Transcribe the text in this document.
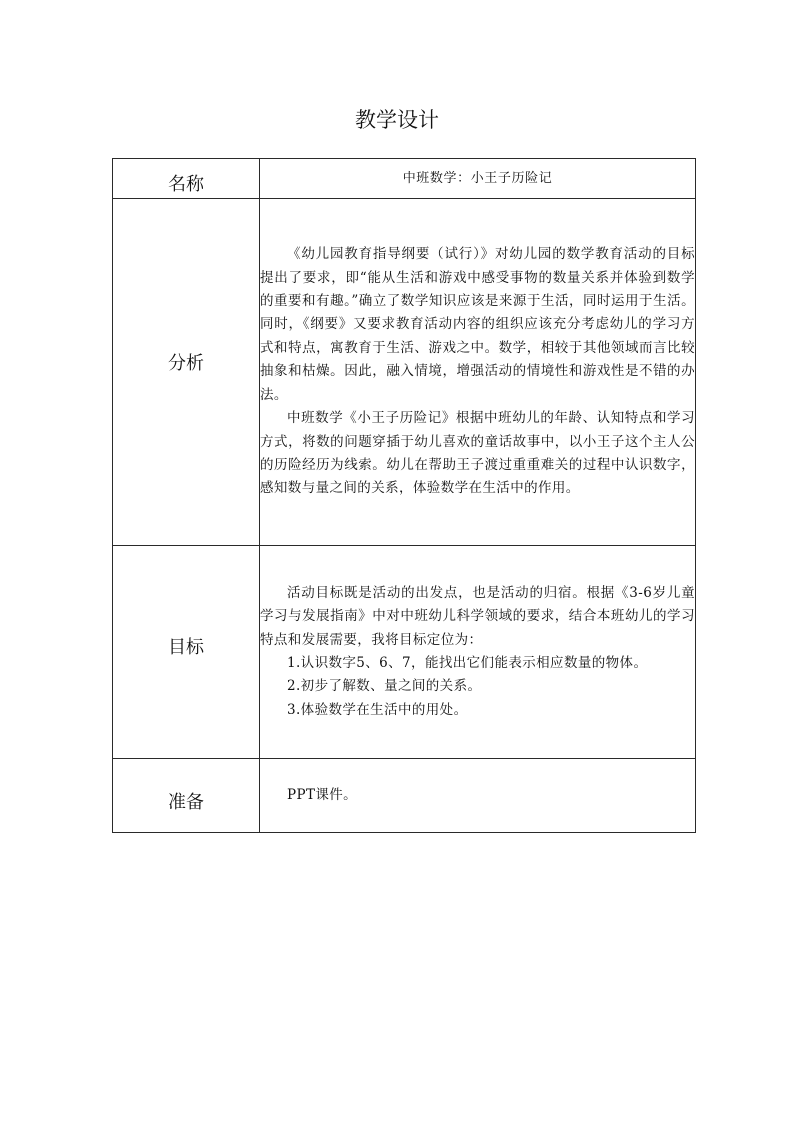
教学设计
名称	中班数学：小王子历险记
分析	《幼儿园教育指导纲要（试行）》对幼儿园的数学教育活动的目标提出了要求，即“能从生活和游戏中感受事物的数量关系并体验到数学的重要和有趣。”确立了数学知识应该是来源于生活，同时运用于生活。同时，《纲要》又要求教育活动内容的组织应该充分考虑幼儿的学习方式和特点，寓教育于生活、游戏之中。数学，相较于其他领域而言比较抽象和枯燥。因此，融入情境，增强活动的情境性和游戏性是不错的办法。

中班数学《小王子历险记》根据中班幼儿的年龄、认知特点和学习方式，将数的问题穿插于幼儿喜欢的童话故事中，以小王子这个主人公的历险经历为线索。幼儿在帮助王子渡过重重难关的过程中认识数字，感知数与量之间的关系，体验数学在生活中的作用。

目标	活动目标既是活动的出发点，也是活动的归宿。根据《3-6岁儿童学习与发展指南》中对中班幼儿科学领域的要求，结合本班幼儿的学习特点和发展需要，我将目标定位为：

1.认识数字5、6、7，能找出它们能表示相应数量的物体。

2.初步了解数、量之间的关系。

3.体验数学在生活中的用处。

准备	PPT课件。
